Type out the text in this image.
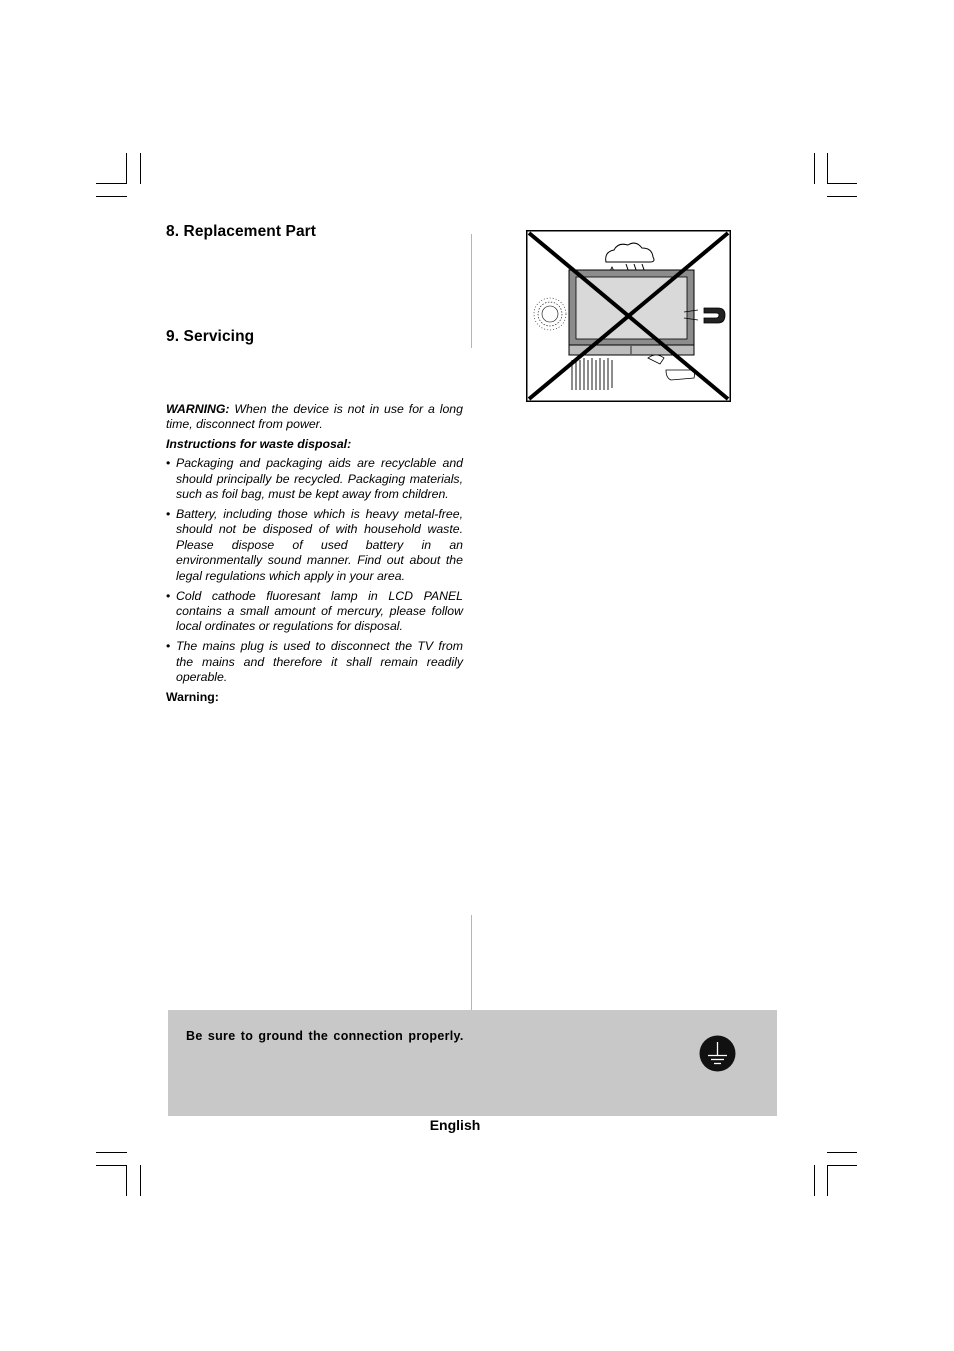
8. Replacement Part
9. Servicing

WARNING: When the device is not in use for a long time, disconnect from power.

Instructions for waste disposal:

• Packaging and packaging aids are recyclable and should principally be recycled. Packaging materials, such as foil bag, must be kept away from children.
• Battery, including those which is heavy metal-free, should not be disposed of with household waste. Please dispose of used battery in an environmentally sound manner. Find out about the legal regulations which apply in your area.
• Cold cathode fluoresant lamp in LCD PANEL contains a small amount of mercury, please follow local ordinates or regulations for disposal.
• The mains plug is used to disconnect the TV from the mains and therefore it shall remain readily operable.
Warning:
Be sure to ground the connection properly.
English
